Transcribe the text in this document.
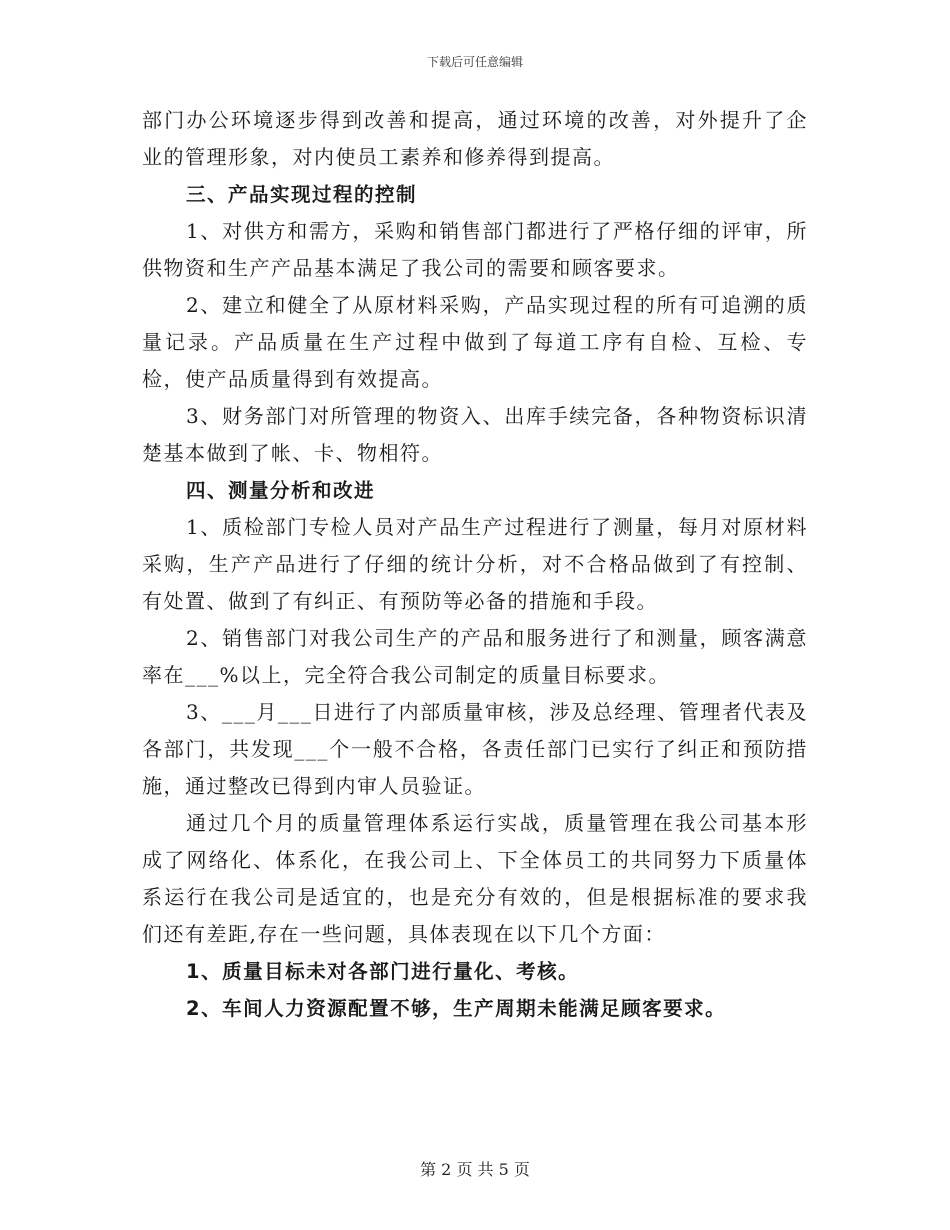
下载后可任意编辑

部门办公环境逐步得到改善和提高，通过环境的改善，对外提升了企业的管理形象，对内使员工素养和修养得到提高。

三、产品实现过程的控制

1、对供方和需方，采购和销售部门都进行了严格仔细的评审，所供物资和生产产品基本满足了我公司的需要和顾客要求。

2、建立和健全了从原材料采购，产品实现过程的所有可追溯的质量记录。产品质量在生产过程中做到了每道工序有自检、互检、专检，使产品质量得到有效提高。

3、财务部门对所管理的物资入、出库手续完备，各种物资标识清楚基本做到了帐、卡、物相符。

四、测量分析和改进

1、质检部门专检人员对产品生产过程进行了测量，每月对原材料采购，生产产品进行了仔细的统计分析，对不合格品做到了有控制、有处置、做到了有纠正、有预防等必备的措施和手段。

2、销售部门对我公司生产的产品和服务进行了和测量，顾客满意率在___%以上，完全符合我公司制定的质量目标要求。

3、___月___日进行了内部质量审核，涉及总经理、管理者代表及各部门，共发现___个一般不合格，各责任部门已实行了纠正和预防措施，通过整改已得到内审人员验证。

通过几个月的质量管理体系运行实战，质量管理在我公司基本形成了网络化、体系化，在我公司上、下全体员工的共同努力下质量体系运行在我公司是适宜的，也是充分有效的，但是根据标准的要求我们还有差距,存在一些问题，具体表现在以下几个方面：

1、质量目标未对各部门进行量化、考核。

2、车间人力资源配置不够，生产周期未能满足顾客要求。

第 2 页 共 5 页
